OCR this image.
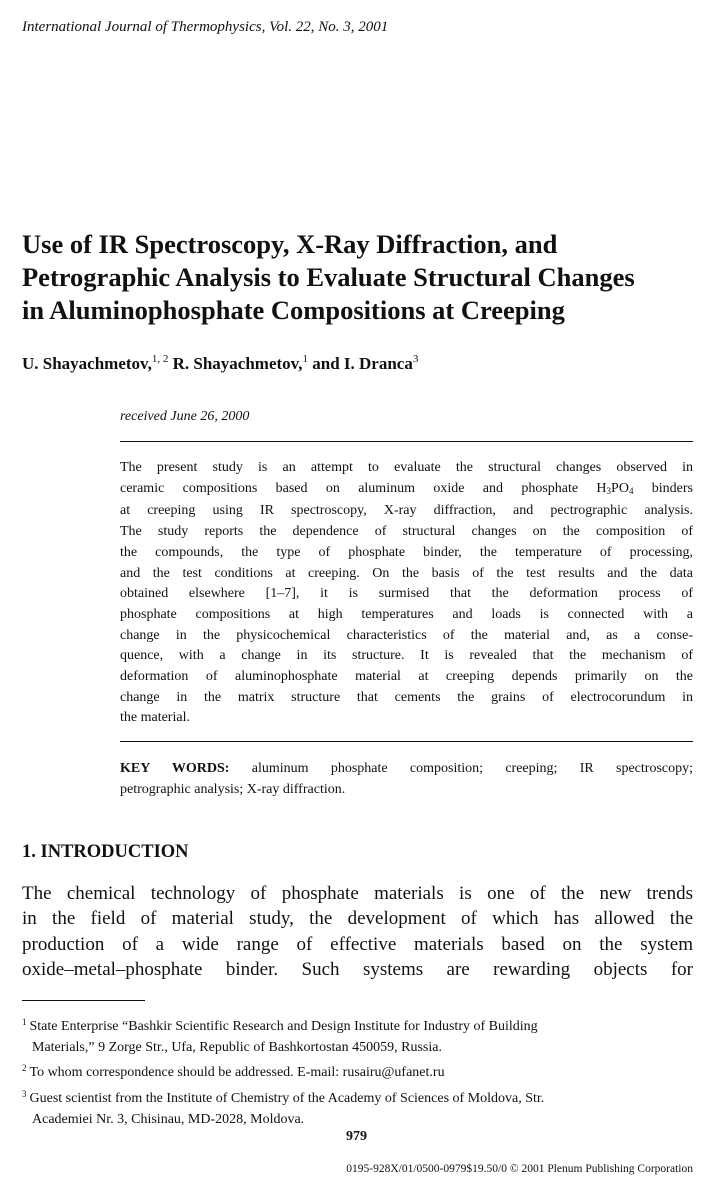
International Journal of Thermophysics, Vol. 22, No. 3, 2001
Use of IR Spectroscopy, X-Ray Diffraction, and
Petrographic Analysis to Evaluate Structural Changes
in Aluminophosphate Compositions at Creeping
U. Shayachmetov,$^{1, 2}$ R. Shayachmetov,$^1$ and I. Dranca$^3$
received June 26, 2000
The present study is an attempt to evaluate the structural changes observed in
ceramic compositions based on aluminum oxide and phosphate $H_3PO_4$ binders
at creeping using IR spectroscopy, X-ray diffraction, and pectrographic analysis.
The study reports the dependence of structural changes on the composition of
the compounds, the type of phosphate binder, the temperature of processing,
and the test conditions at creeping. On the basis of the test results and the data
obtained elsewhere [1–7], it is surmised that the deformation process of
phosphate compositions at high temperatures and loads is connected with a
change in the physicochemical characteristics of the material and, as a conse-
quence, with a change in its structure. It is revealed that the mechanism of
deformation of aluminophosphate material at creeping depends primarily on the
change in the matrix structure that cements the grains of electrocorundum in
the material.
KEY WORDS: aluminum phosphate composition; creeping; IR spectroscopy;
petrographic analysis; X-ray diffraction.
1. INTRODUCTION
The chemical technology of phosphate materials is one of the new trends
in the field of material study, the development of which has allowed the
production of a wide range of effective materials based on the system
oxide–metal–phosphate binder. Such systems are rewarding objects for
$^1$ State Enterprise “Bashkir Scientific Research and Design Institute for Industry of Building
Materials,” 9 Zorge Str., Ufa, Republic of Bashkortostan 450059, Russia.
$^2$ To whom correspondence should be addressed. E-mail: rusairu@ufanet.ru
$^3$ Guest scientist from the Institute of Chemistry of the Academy of Sciences of Moldova, Str.
Academiei Nr. 3, Chisinau, MD-2028, Moldova.
979
0195-928X/01/0500-0979$19.50/0 © 2001 Plenum Publishing Corporation
